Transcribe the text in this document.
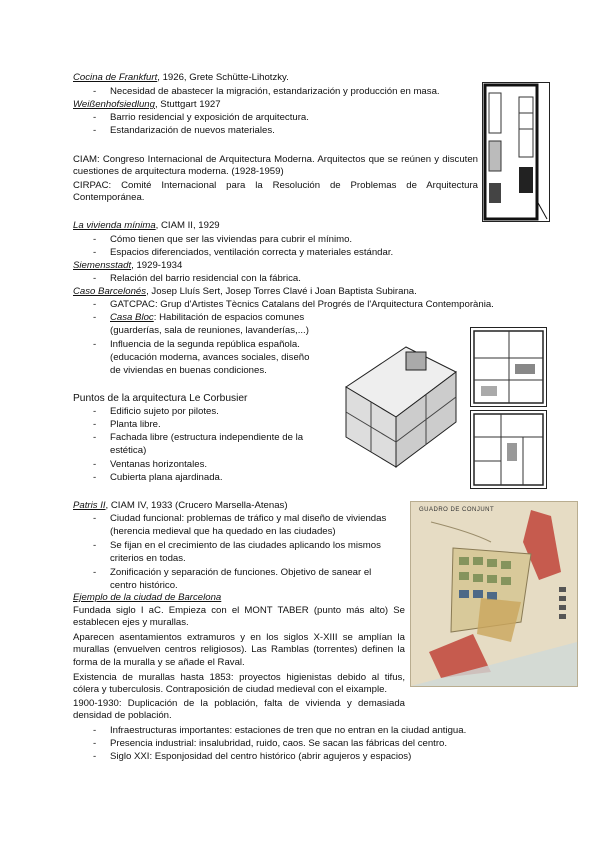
Cocina de Frankfurt, 1926, Grete Schütte-Lihotzky.
- Necesidad de abastecer la migración, estandarización y producción en masa.
Weißenhofsiedlung, Stuttgart 1927
- Barrio residencial y exposición de arquitectura.
- Estandarización de nuevos materiales.
CIAM: Congreso Internacional de Arquitectura Moderna. Arquitectos que se reúnen y discuten cuestiones de arquitectura moderna. (1928-1959)
CIRPAC: Comité Internacional para la Resolución de Problemas de Arquitectura Contemporánea.
La vivienda mínima, CIAM II, 1929
- Cómo tienen que ser las viviendas para cubrir el mínimo.
- Espacios diferenciados, ventilación correcta y materiales estándar.
Siemensstadt, 1929-1934
- Relación del barrio residencial con la fábrica.
Caso Barcelonés, Josep Lluís Sert, Josep Torres Clavé i Joan Baptista Subirana.
- GATCPAC: Grup d'Artistes Tècnics Catalans del Progrés de l'Arquitectura Contemporània.
- Casa Bloc: Habilitación de espacios comunes
(guarderías, sala de reuniones, lavanderías,...)
- Influencia de la segunda república española.
(educación moderna, avances sociales, diseño
de viviendas en buenas condiciones.
Puntos de la arquitectura Le Corbusier
- Edificio sujeto por pilotes.
- Planta libre.
- Fachada libre (estructura independiente de la
estética)
- Ventanas horizontales.
- Cubierta plana ajardinada.
Patris II, CIAM IV, 1933 (Crucero Marsella-Atenas)
- Ciudad funcional: problemas de tráfico y mal diseño de viviendas
(herencia medieval que ha quedado en las ciudades)
- Se fijan en el crecimiento de las ciudades aplicando los mismos
criterios en todas.
- Zonificación y separación de funciones. Objetivo de sanear el
centro histórico.
Ejemplo de la ciudad de Barcelona
Fundada siglo I aC. Empieza con el MONT TABER (punto más alto) Se establecen ejes y murallas.
Aparecen asentamientos extramuros y en los siglos X-XIII se amplían la murallas (envuelven centros religiosos). Las Ramblas (torrentes) definen la forma de la muralla y se añade el Raval.
Existencia de murallas hasta 1853: proyectos higienistas debido al tifus, cólera y tuberculosis. Contraposición de ciudad medieval con el eixample.
1900-1930: Duplicación de la población, falta de vivienda y demasiada densidad de población.
- Infraestructuras importantes: estaciones de tren que no entran en la ciudad antigua.
- Presencia industrial: insalubridad, ruido, caos. Se sacan las fábricas del centro.
- Siglo XXI: Esponjosidad del centro histórico (abrir agujeros y espacios)
GUADRO DE CONJUNT
